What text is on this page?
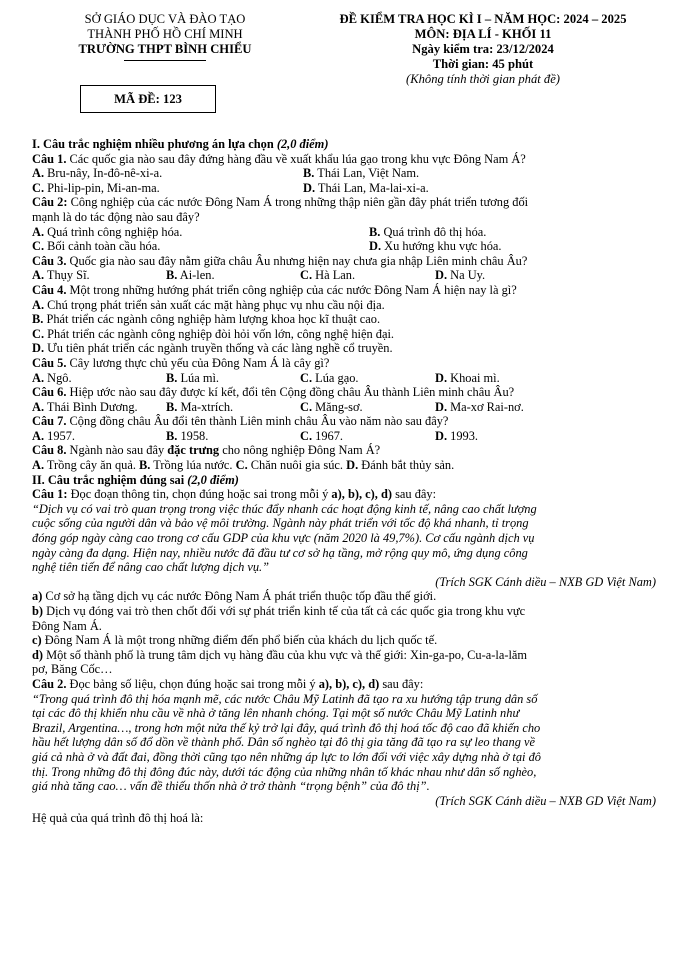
SỞ GIÁO DỤC VÀ ĐÀO TẠO
THÀNH PHỐ HỒ CHÍ MINH
TRƯỜNG THPT BÌNH CHIỂU
MÃ ĐỀ: 123
ĐỀ KIỂM TRA HỌC KÌ I – NĂM HỌC: 2024 – 2025
MÔN: ĐỊA LÍ - KHỐI 11
Ngày kiểm tra: 23/12/2024
Thời gian: 45 phút
(Không tính thời gian phát đề)
I. Câu trắc nghiệm nhiều phương án lựa chọn (2,0 điểm)
Câu 1. Các quốc gia nào sau đây đứng hàng đầu về xuất khẩu lúa gạo trong khu vực Đông Nam Á?
A. Bru-nây, In-đô-nê-xi-a.	B. Thái Lan, Việt Nam.
C. Phi-lip-pin, Mi-an-ma.	D. Thái Lan, Ma-lai-xi-a.
Câu 2: Công nghiệp của các nước Đông Nam Á trong những thập niên gần đây phát triển tương đối
mạnh là do tác động nào sau đây?
A. Quá trình công nghiệp hóa.	B. Quá trình đô thị hóa.
C. Bối cảnh toàn cầu hóa.	D. Xu hướng khu vực hóa.
Câu 3. Quốc gia nào sau đây nằm giữa châu Âu nhưng hiện nay chưa gia nhập Liên minh châu Âu?
A. Thụy Sĩ.	B. Ai-len.	C. Hà Lan.	D. Na Uy.
Câu 4. Một trong những hướng phát triển công nghiệp của các nước Đông Nam Á hiện nay là gì?
A. Chú trọng phát triển sản xuất các mặt hàng phục vụ nhu cầu nội địa.
B. Phát triển các ngành công nghiệp hàm lượng khoa học kĩ thuật cao.
C. Phát triển các ngành công nghiệp đòi hỏi vốn lớn, công nghệ hiện đại.
D. Ưu tiên phát triển các ngành truyền thống và các làng nghề cổ truyền.
Câu 5. Cây lương thực chủ yếu của Đông Nam Á là cây gì?
A. Ngô.	B. Lúa mì.	C. Lúa gạo.	D. Khoai mì.
Câu 6. Hiệp ước nào sau đây được kí kết, đổi tên Cộng đồng châu Âu thành Liên minh châu Âu?
A. Thái Bình Dương. B. Ma-xtrích.	C. Măng-sơ.	D. Ma-xơ Rai-nơ.
Câu 7. Cộng đồng châu Âu đổi tên thành Liên minh châu Âu vào năm nào sau đây?
A. 1957.	B. 1958.	C. 1967.	D. 1993.
Câu 8. Ngành nào sau đây đặc trưng cho nông nghiệp Đông Nam Á?
A. Trồng cây ăn quả. B. Trồng lúa nước. C. Chăn nuôi gia súc. D. Đánh bắt thủy sản.
II. Câu trắc nghiệm đúng sai (2,0 điểm)
Câu 1: Đọc đoạn thông tin, chọn đúng hoặc sai trong mỗi ý a), b), c), d) sau đây:
“Dịch vụ có vai trò quan trọng trong việc thúc đẩy nhanh các hoạt động kinh tế, nâng cao chất lượng
cuộc sống của người dân và bảo vệ môi trường. Ngành này phát triển với tốc độ khá nhanh, tỉ trọng
đóng góp ngày càng cao trong cơ cấu GDP của khu vực (năm 2020 là 49,7%). Cơ cấu ngành dịch vụ
ngày càng đa dạng. Hiện nay, nhiều nước đã đầu tư cơ sở hạ tầng, mở rộng quy mô, ứng dụng công
nghệ tiên tiến để nâng cao chất lượng dịch vụ.”
(Trích SGK Cánh diều – NXB GD Việt Nam)
a) Cơ sở hạ tầng dịch vụ các nước Đông Nam Á phát triển thuộc tốp đầu thế giới.
b) Dịch vụ đóng vai trò then chốt đối với sự phát triển kinh tế của tất cả các quốc gia trong khu vực
Đông Nam Á.
c) Đông Nam Á là một trong những điểm đến phổ biến của khách du lịch quốc tế.
d) Một số thành phố là trung tâm dịch vụ hàng đầu của khu vực và thế giới: Xin-ga-po, Cu-a-la-lăm
pơ, Băng Cốc…
Câu 2. Đọc bảng số liệu, chọn đúng hoặc sai trong mỗi ý a), b), c), d) sau đây:
“Trong quá trình đô thị hóa mạnh mẽ, các nước Châu Mỹ Latinh đã tạo ra xu hướng tập trung dân số
tại các đô thị khiến nhu cầu về nhà ở tăng lên nhanh chóng. Tại một số nước Châu Mỹ Latinh như
Brazil, Argentina…, trong hơn một nửa thế kỷ trở lại đây, quá trình đô thị hoá tốc độ cao đã khiến cho
hầu hết lượng dân số đổ dồn về thành phố. Dân số nghèo tại đô thị gia tăng đã tạo ra sự leo thang về
giá cả nhà ở và đất đai, đồng thời cũng tạo nên những áp lực to lớn đối với việc xây dựng nhà ở tại đô
thị. Trong những đô thị đông đúc này, dưới tác động của những nhân tố khác nhau như dân số nghèo,
giá nhà tăng cao… vấn đề thiếu thốn nhà ở trở thành “trọng bệnh” của đô thị”.
(Trích SGK Cánh diều – NXB GD Việt Nam)
Hệ quả của quá trình đô thị hoá là:
